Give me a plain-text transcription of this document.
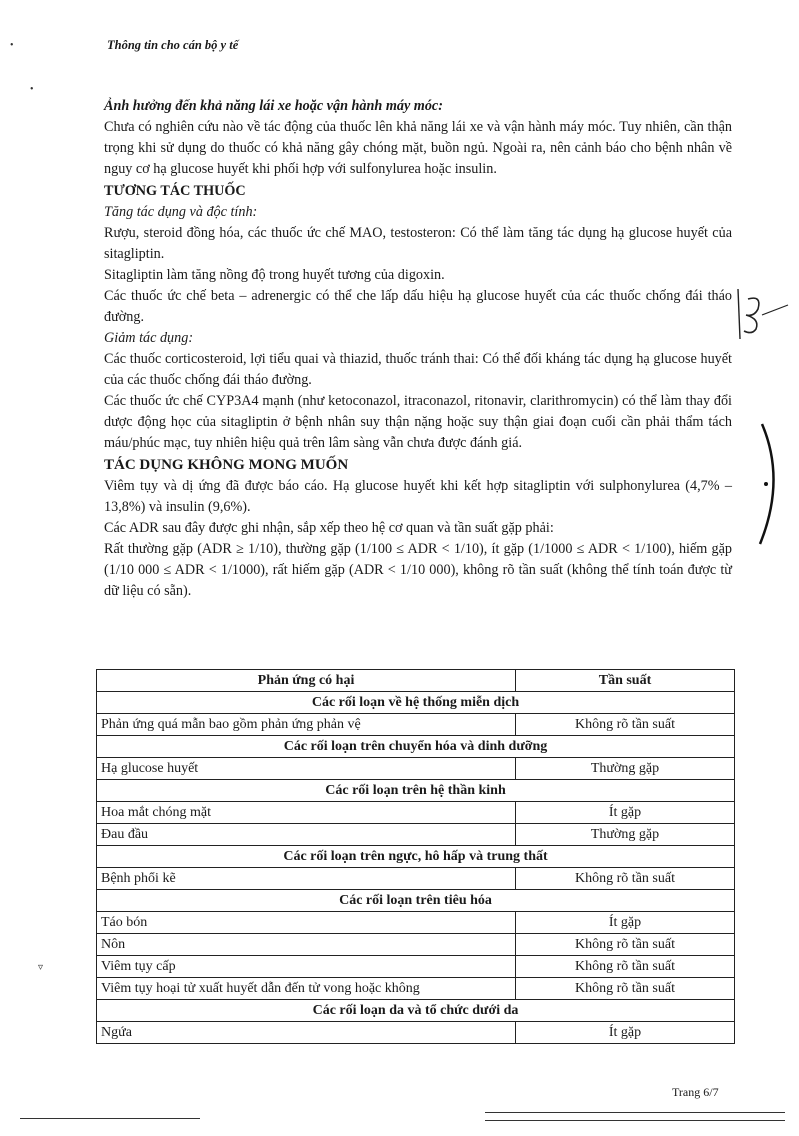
Thông tin cho cán bộ y tế
•
•
▿

Ảnh hưởng đến khả năng lái xe hoặc vận hành máy móc:

Chưa có nghiên cứu nào về tác động của thuốc lên khả năng lái xe và vận hành máy móc. Tuy nhiên, cần thận trọng khi sử dụng do thuốc có khả năng gây chóng mặt, buồn ngủ. Ngoài ra, nên cảnh báo cho bệnh nhân về nguy cơ hạ glucose huyết khi phối hợp với sulfonylurea hoặc insulin.

TƯƠNG TÁC THUỐC

Tăng tác dụng và độc tính:

Rượu, steroid đồng hóa, các thuốc ức chế MAO, testosteron: Có thể làm tăng tác dụng hạ glucose huyết của sitagliptin.

Sitagliptin làm tăng nồng độ trong huyết tương của digoxin.

Các thuốc ức chế beta – adrenergic có thể che lấp dấu hiệu hạ glucose huyết của các thuốc chống đái tháo đường.

Giảm tác dụng:

Các thuốc corticosteroid, lợi tiểu quai và thiazid, thuốc tránh thai: Có thể đối kháng tác dụng hạ glucose huyết của các thuốc chống đái tháo đường.

Các thuốc ức chế CYP3A4 mạnh (như ketoconazol, itraconazol, ritonavir, clarithromycin) có thể làm thay đổi dược động học của sitagliptin ở bệnh nhân suy thận nặng hoặc suy thận giai đoạn cuối cần phải thẩm tách máu/phúc mạc, tuy nhiên hiệu quả trên lâm sàng vẫn chưa được đánh giá.

TÁC DỤNG KHÔNG MONG MUỐN

Viêm tụy và dị ứng đã được báo cáo. Hạ glucose huyết khi kết hợp sitagliptin với sulphonylurea (4,7% – 13,8%) và insulin (9,6%).

Các ADR sau đây được ghi nhận, sắp xếp theo hệ cơ quan và tần suất gặp phải:

Rất thường gặp (ADR ≥ 1/10), thường gặp (1/100 ≤ ADR < 1/10), ít gặp (1/1000 ≤ ADR < 1/100), hiếm gặp (1/10 000 ≤ ADR < 1/1000), rất hiếm gặp (ADR < 1/10 000), không rõ tần suất (không thể tính toán được từ dữ liệu có sẵn).

Phản ứng có hại	Tần suất
Các rối loạn về hệ thống miễn dịch	
Phản ứng quá mẫn bao gồm phản ứng phản vệ	Không rõ tần suất
Các rối loạn trên chuyển hóa và dinh dưỡng	
Hạ glucose huyết	Thường gặp
Các rối loạn trên hệ thần kinh	
Hoa mắt chóng mặt	Ít gặp
Đau đầu	Thường gặp
Các rối loạn trên ngực, hô hấp và trung thất	
Bệnh phổi kẽ	Không rõ tần suất
Các rối loạn trên tiêu hóa	
Táo bón	Ít gặp
Nôn	Không rõ tần suất
Viêm tụy cấp	Không rõ tần suất
Viêm tụy hoại tử xuất huyết dẫn đến tử vong hoặc không	Không rõ tần suất
Các rối loạn da và tổ chức dưới da	
Ngứa	Ít gặp
Trang 6/7
